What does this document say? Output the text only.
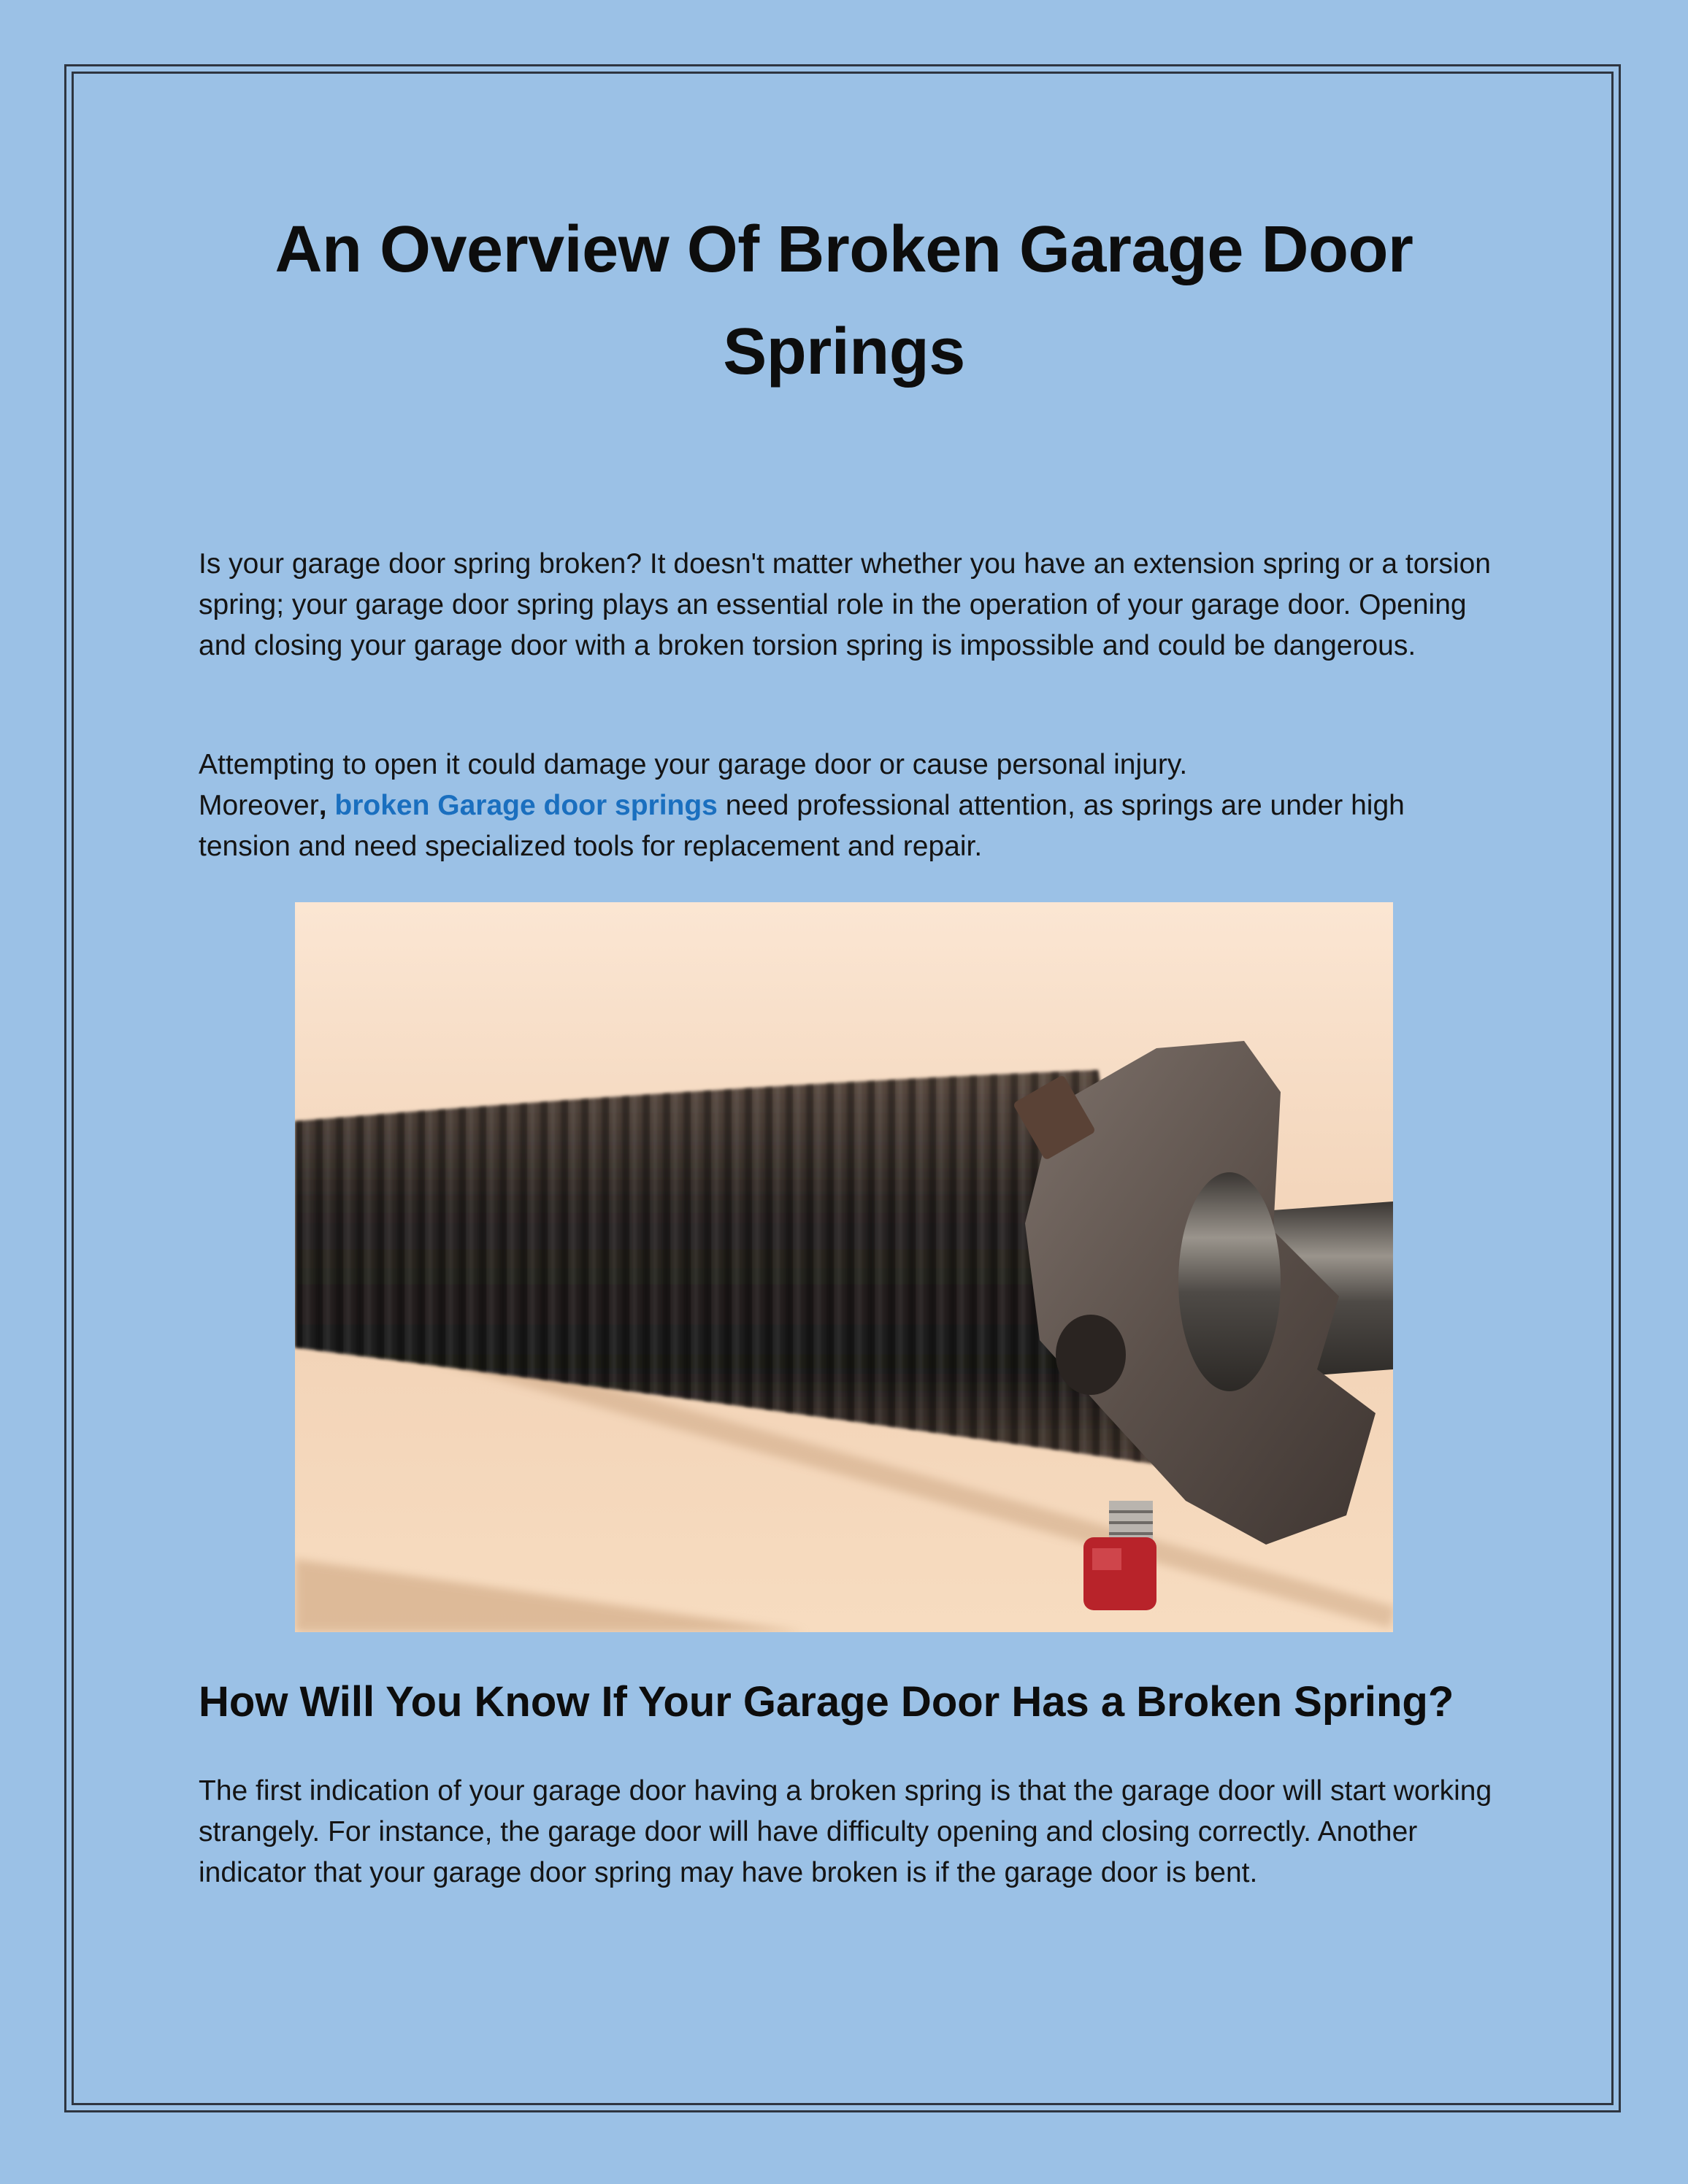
An Overview Of Broken Garage Door Springs

Is your garage door spring broken? It doesn't matter whether you have an extension spring or a torsion spring; your garage door spring plays an essential role in the operation of your garage door. Opening and closing your garage door with a broken torsion spring is impossible and could be dangerous.

Attempting to open it could damage your garage door or cause personal injury.
Moreover, broken Garage door springs need professional attention, as springs are under high tension and need specialized tools for replacement and repair.

How Will You Know If Your Garage Door Has a Broken Spring?

The first indication of your garage door having a broken spring is that the garage door will start working strangely. For instance, the garage door will have difficulty opening and closing correctly. Another indicator that your garage door spring may have broken is if the garage door is bent.
